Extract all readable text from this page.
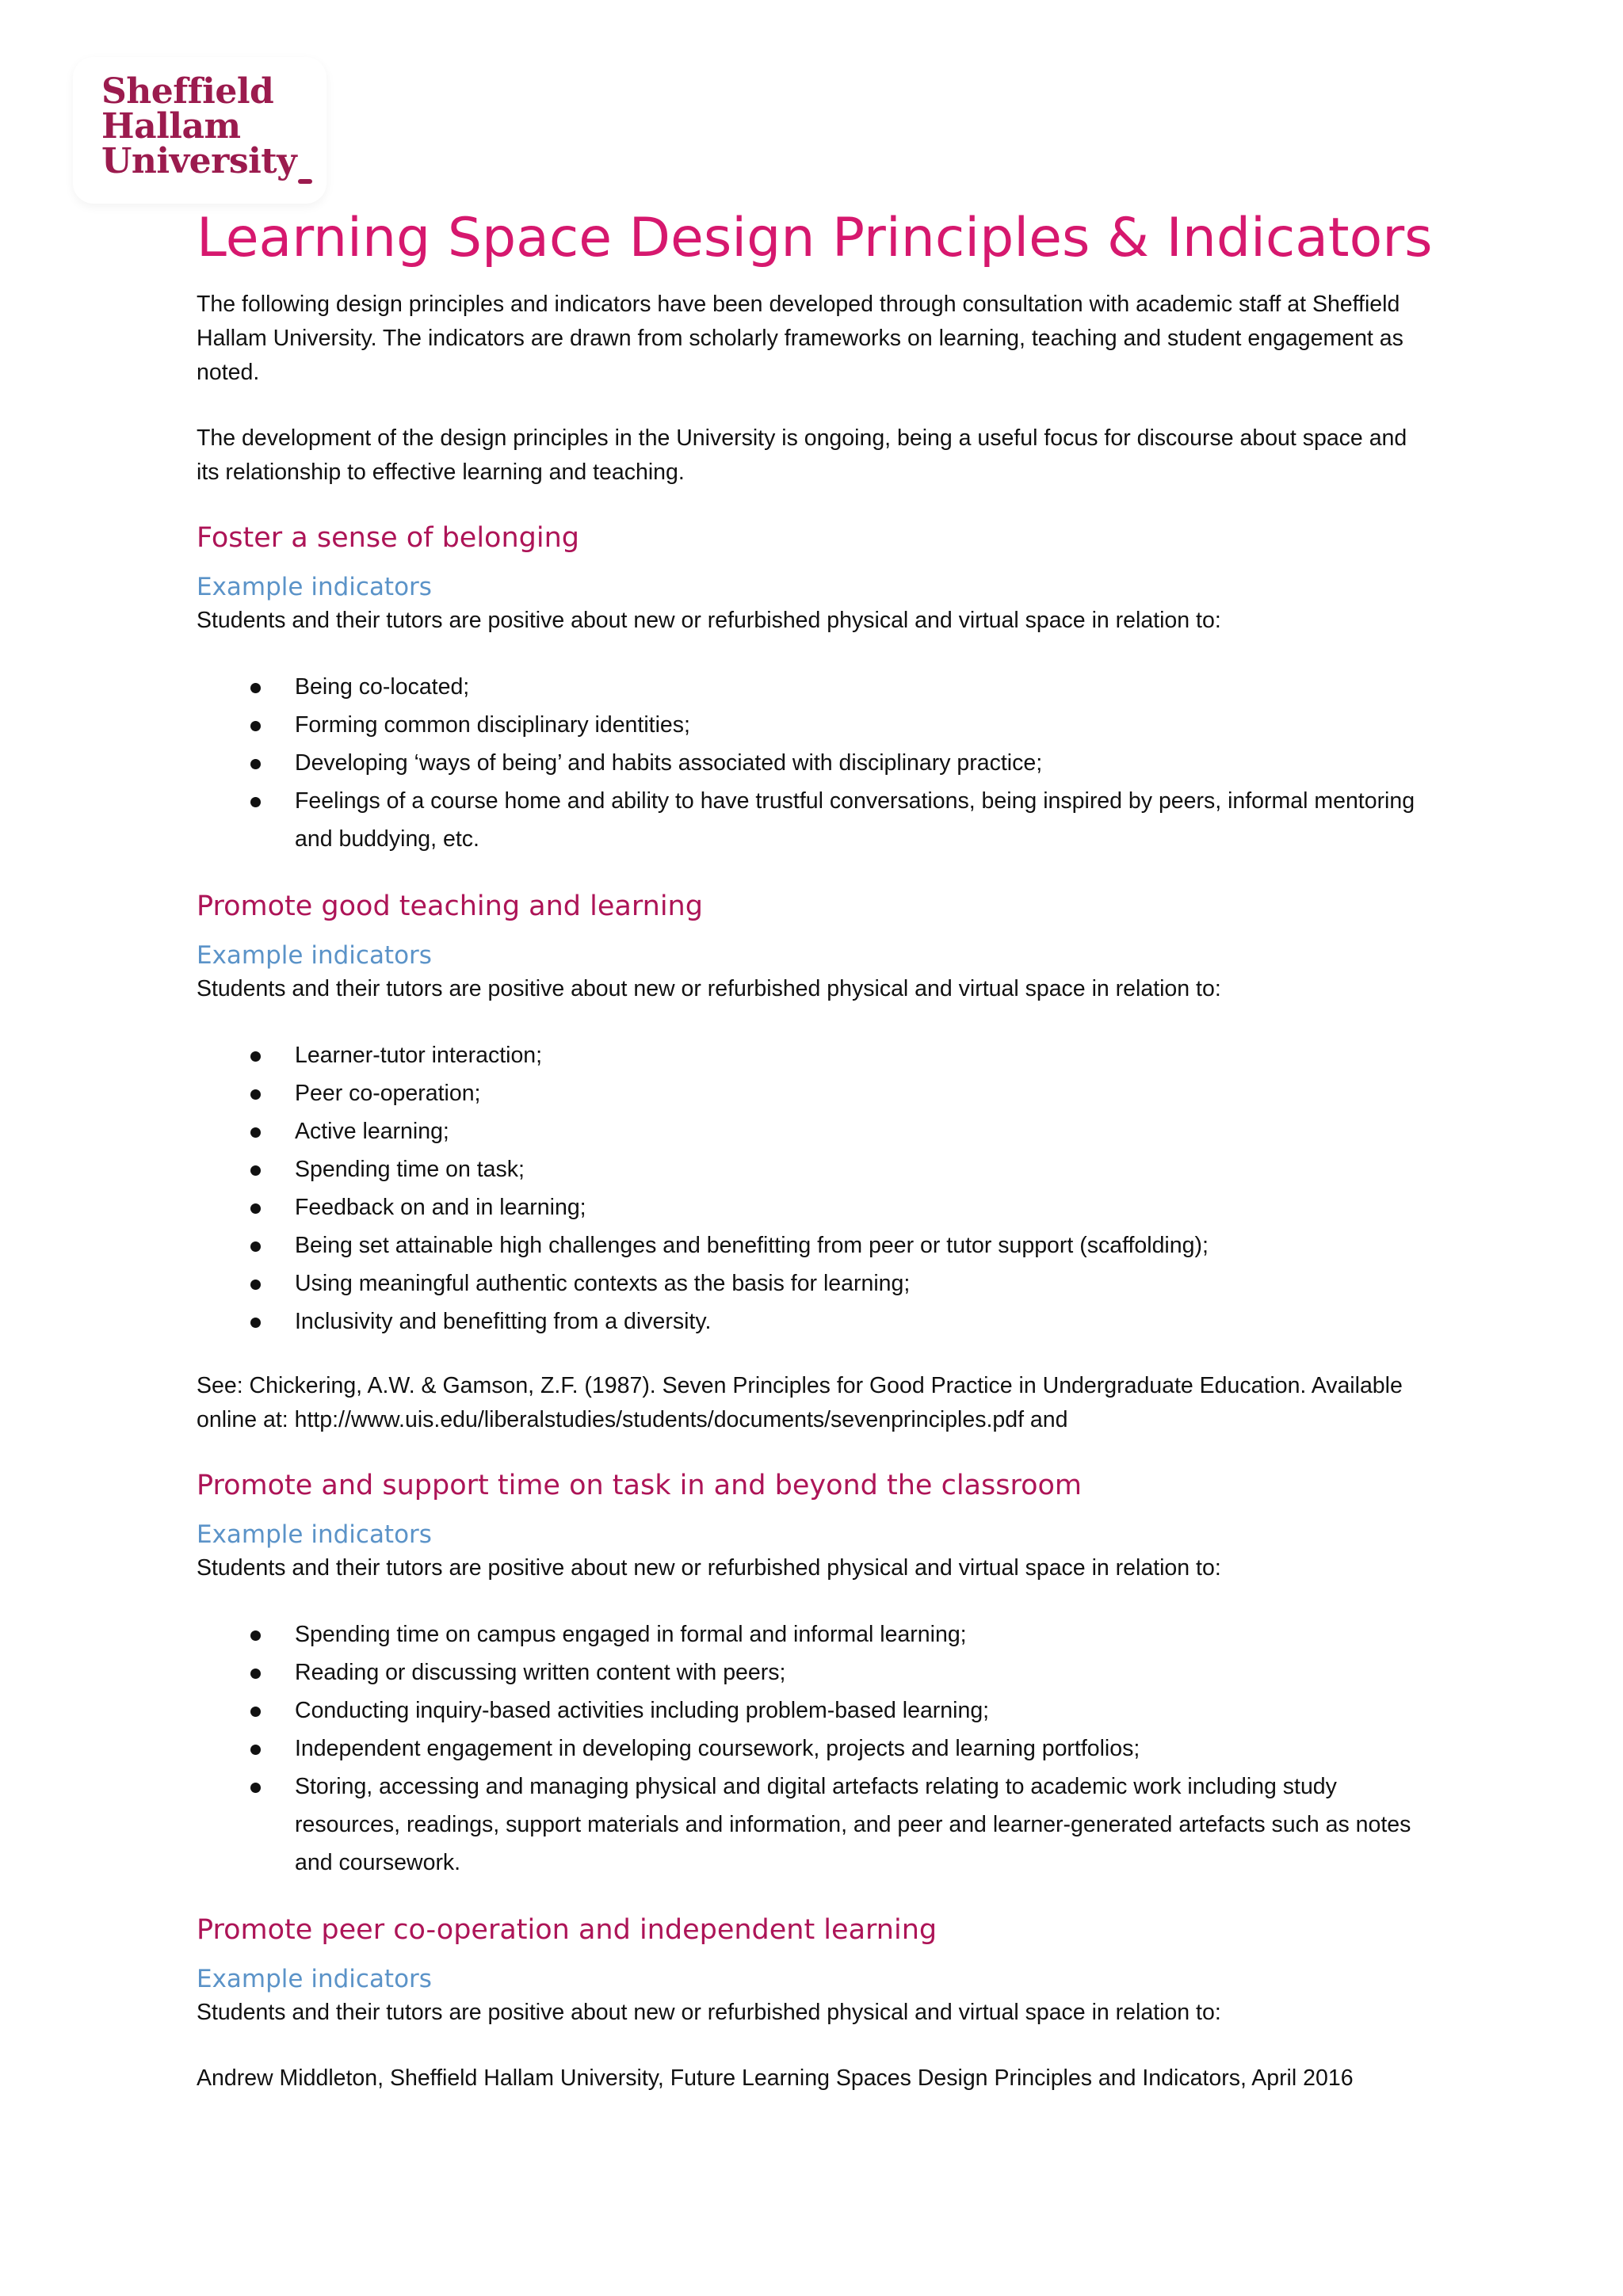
Sheffield
Hallam
University
Learning Space Design Principles & Indicators

The following design principles and indicators have been developed through consultation with academic staff at Sheffield Hallam University. The indicators are drawn from scholarly frameworks on learning, teaching and student engagement as noted.

The development of the design principles in the University is ongoing, being a useful focus for discourse about space and its relationship to effective learning and teaching.

Foster a sense of belonging
Example indicators

Students and their tutors are positive about new or refurbished physical and virtual space in relation to:

Being co-located;
Forming common disciplinary identities;
Developing ‘ways of being’ and habits associated with disciplinary practice;
Feelings of a course home and ability to have trustful conversations, being inspired by peers, informal mentoring and buddying, etc.
Promote good teaching and learning
Example indicators

Students and their tutors are positive about new or refurbished physical and virtual space in relation to:

Learner-tutor interaction;
Peer co-operation;
Active learning;
Spending time on task;
Feedback on and in learning;
Being set attainable high challenges and benefitting from peer or tutor support (scaffolding);
Using meaningful authentic contexts as the basis for learning;
Inclusivity and benefitting from a diversity.

See: Chickering, A.W. & Gamson, Z.F. (1987). Seven Principles for Good Practice in Undergraduate Education. Available online at: http://www.uis.edu/liberalstudies/students/documents/sevenprinciples.pdf and

Promote and support time on task in and beyond the classroom
Example indicators

Students and their tutors are positive about new or refurbished physical and virtual space in relation to:

Spending time on campus engaged in formal and informal learning;
Reading or discussing written content with peers;
Conducting inquiry-based activities including problem-based learning;
Independent engagement in developing coursework, projects and learning portfolios;
Storing, accessing and managing physical and digital artefacts relating to academic work including study resources, readings, support materials and information, and peer and learner-generated artefacts such as notes and coursework.
Promote peer co-operation and independent learning
Example indicators

Students and their tutors are positive about new or refurbished physical and virtual space in relation to:

Andrew Middleton, Sheffield Hallam University, Future Learning Spaces Design Principles and Indicators, April 2016
